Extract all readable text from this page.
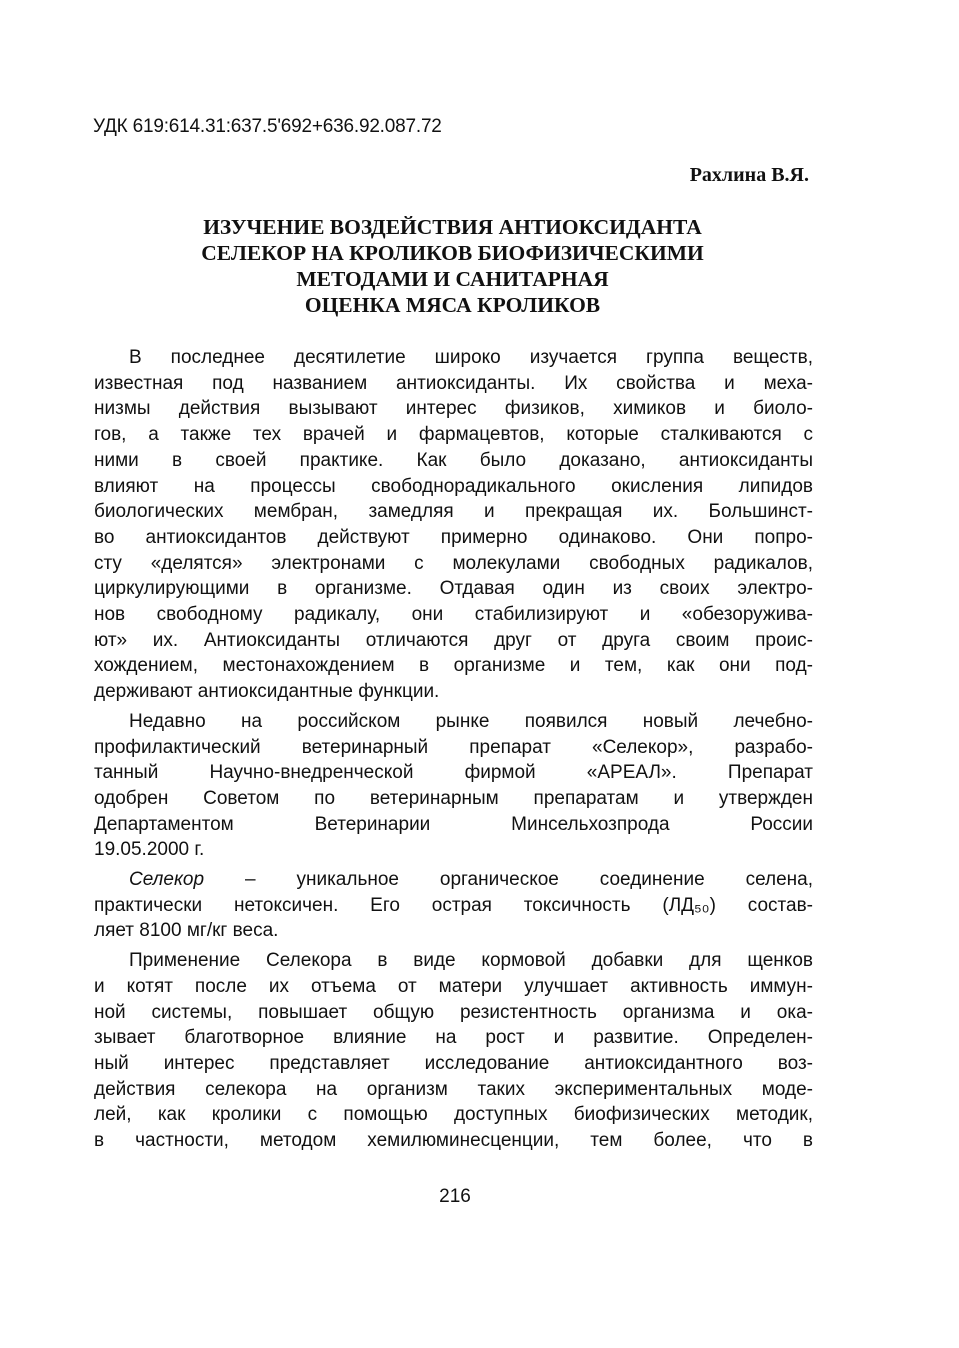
УДК 619:614.31:637.5'692+636.92.087.72
Рахлина В.Я.
ИЗУЧЕНИЕ ВОЗДЕЙСТВИЯ АНТИОКСИДАНТА
СЕЛЕКОР НА КРОЛИКОВ БИОФИЗИЧЕСКИМИ
МЕТОДАМИ И САНИТАРНАЯ
ОЦЕНКА МЯСА КРОЛИКОВ
В последнее десятилетие широко изучается группа веществ,
известная под названием антиоксиданты. Их свойства и меха-
низмы действия вызывают интерес физиков, химиков и биоло-
гов, а также тех врачей и фармацевтов, которые сталкиваются с
ними в своей практике. Как было доказано, антиоксиданты
влияют на процессы свободнорадикального окисления липидов
биологических мембран, замедляя и прекращая их. Большинст-
во антиоксидантов действуют примерно одинаково. Они попро-
сту «делятся» электронами с молекулами свободных радикалов,
циркулирующими в организме. Отдавая один из своих электро-
нов свободному радикалу, они стабилизируют и «обезоружива-
ют» их. Антиоксиданты отличаются друг от друга своим проис-
хождением, местонахождением в организме и тем, как они под-
держивают антиоксидантные функции.
Недавно на российском рынке появился новый лечебно-
профилактический ветеринарный препарат «Селекор», разрабо-
танный Научно-внедренческой фирмой «АРЕАЛ». Препарат
одобрен Советом по ветеринарным препаратам и утвержден
Департаментом Ветеринарии Минсельхозпрода России
19.05.2000 г.
Селекор – уникальное органическое соединение селена,
практически нетоксичен. Его острая токсичность (ЛД₅₀) состав-
ляет 8100 мг/кг веса.
Применение Селекора в виде кормовой добавки для щенков
и котят после их отъема от матери улучшает активность иммун-
ной системы, повышает общую резистентность организма и ока-
зывает благотворное влияние на рост и развитие. Определен-
ный интерес представляет исследование антиоксидантного воз-
действия селекора на организм таких экспериментальных моде-
лей, как кролики с помощью доступных биофизических методик,
в частности, методом хемилюминесценции, тем более, что в
216
